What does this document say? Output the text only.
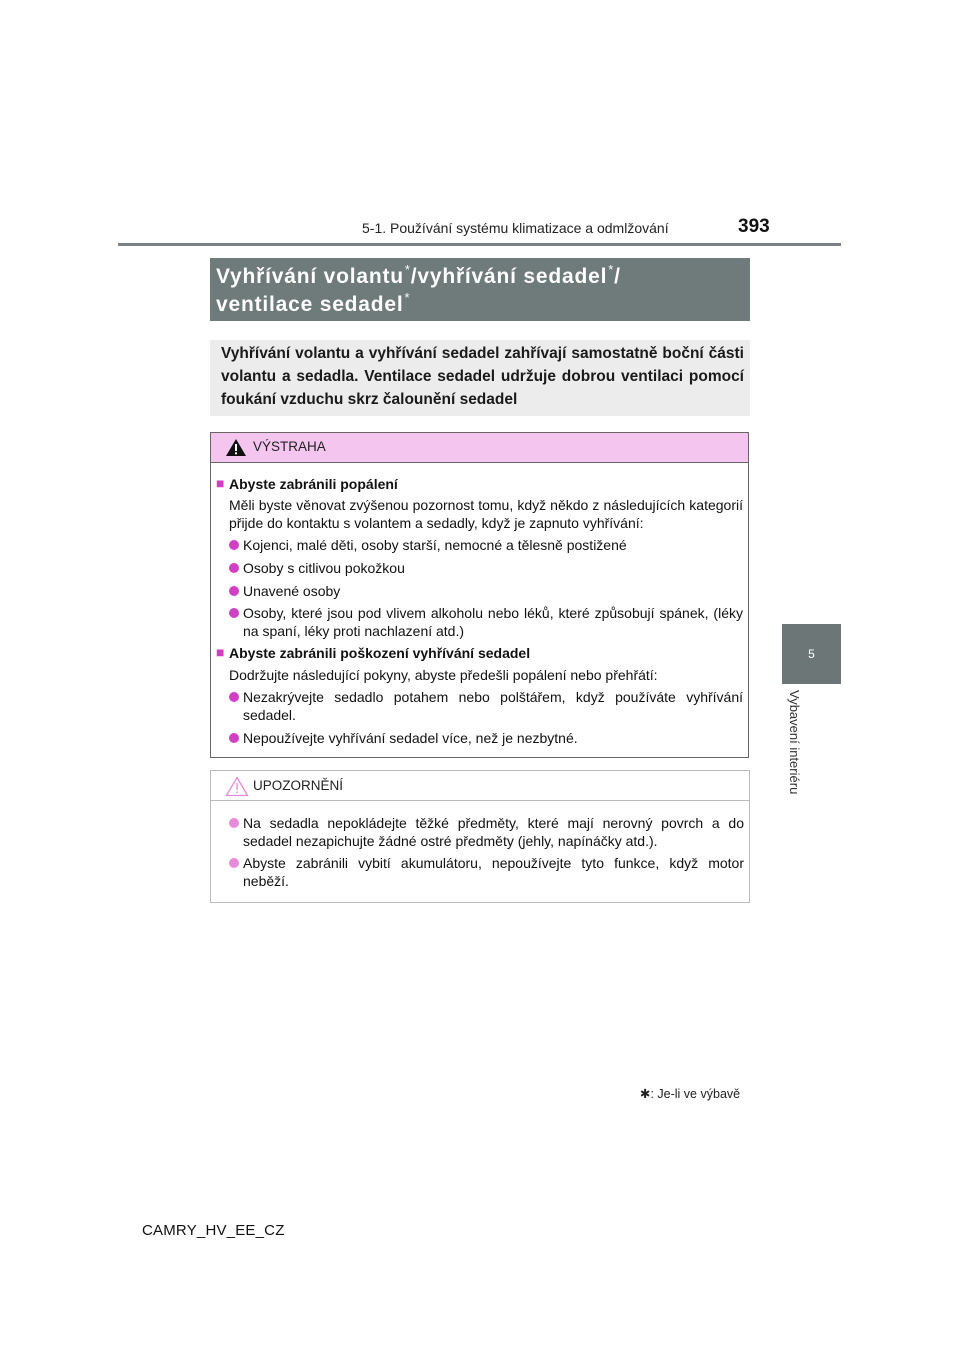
5-1. Používání systému klimatizace a odmlžování	393
5
Vybavení interiéru
Vyhřívání volantu*/vyhřívání sedadel*/
ventilace sedadel*

Vyhřívání volantu a vyhřívání sedadel zahřívají samostatně boční části volantu a sedadla. Ventilace sedadel udržuje dobrou ventilaci pomocí foukání vzduchu skrz čalounění sedadel

VÝSTRAHA
■ Abyste zabránili popálení
Měli byste věnovat zvýšenou pozornost tomu, když někdo z následujících kategorií přijde do kontaktu s volantem a sedadly, když je zapnuto vyhřívání:
Kojenci, malé děti, osoby starší, nemocné a tělesně postižené
Osoby s citlivou pokožkou
Unavené osoby
Osoby, které jsou pod vlivem alkoholu nebo léků, které způsobují spánek, (léky na spaní, léky proti nachlazení atd.)
■ Abyste zabránili poškození vyhřívání sedadel
Dodržujte následující pokyny, abyste předešli popálení nebo přehřátí:
Nezakrývejte sedadlo potahem nebo polštářem, když používáte vyhřívání sedadel.
Nepoužívejte vyhřívání sedadel více, než je nezbytné.
UPOZORNĚNÍ
Na sedadla nepokládejte těžké předměty, které mají nerovný povrch a do sedadel nezapichujte žádné ostré předměty (jehly, napínáčky atd.).
Abyste zabránili vybití akumulátoru, nepoužívejte tyto funkce, když motor neběží.
✱: Je-li ve výbavě
CAMRY_HV_EE_CZ
